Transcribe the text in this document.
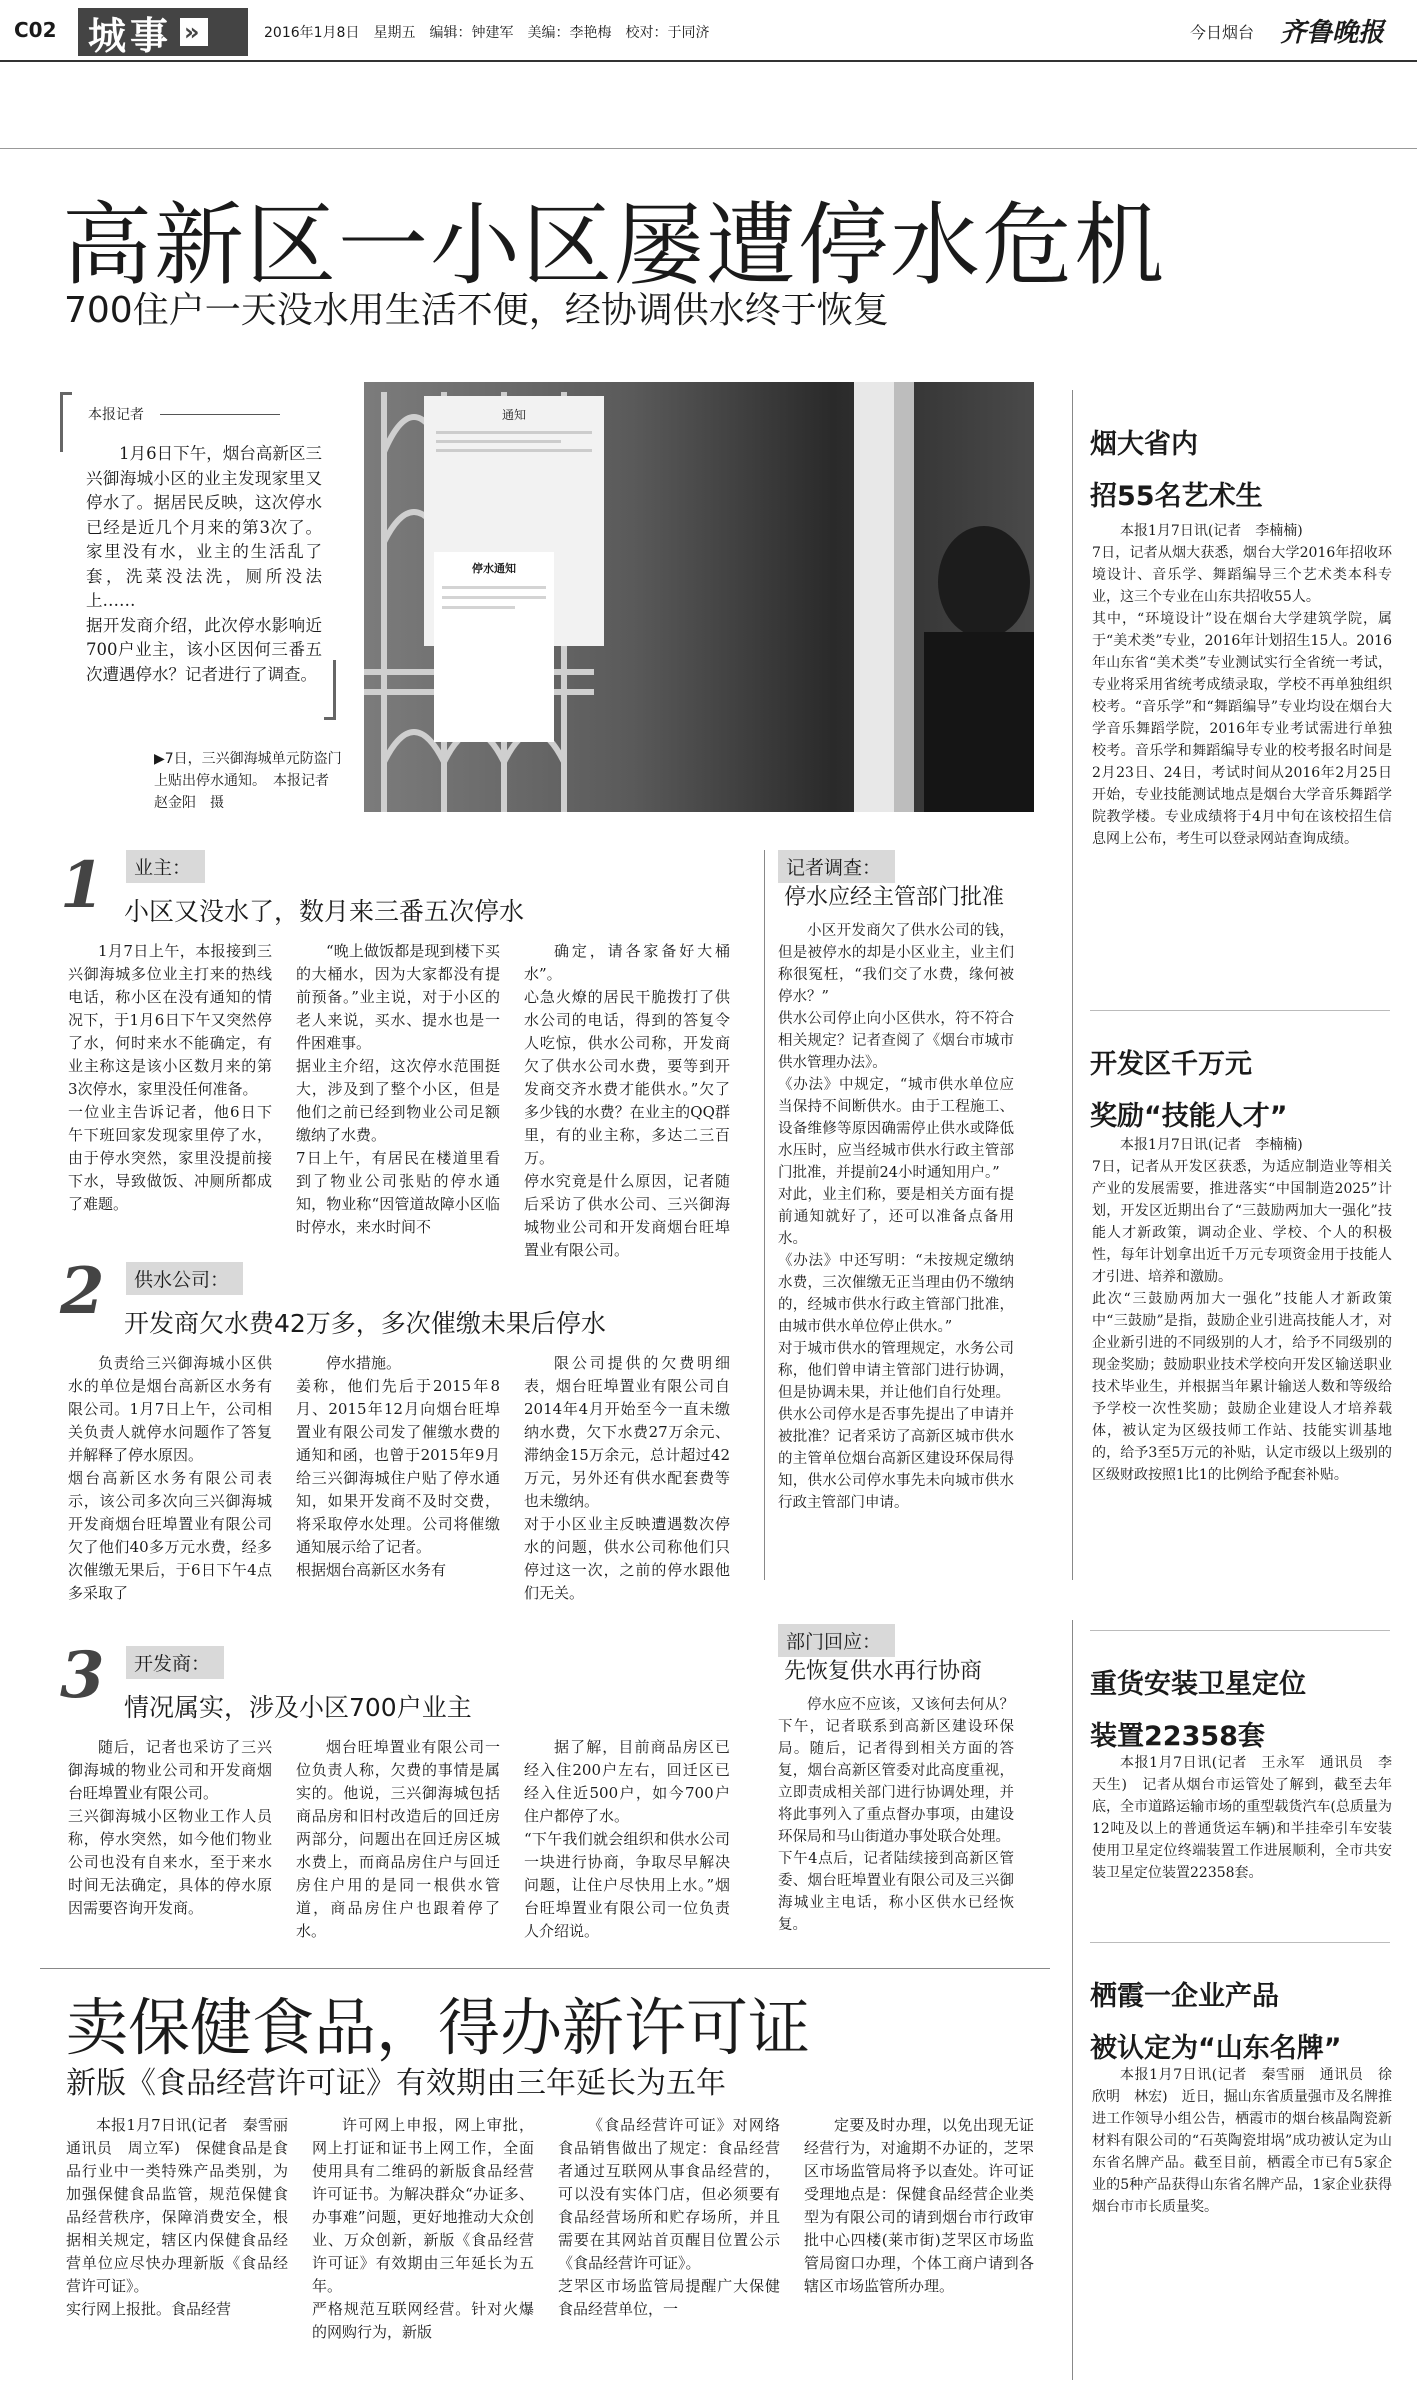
C02 城事 »	2016年1月8日　星期五　编辑：钟建军　美编：李艳梅　校对：于同济	今日烟台 齐鲁晚报
高新区一小区屡遭停水危机
700住户一天没水用生活不便，经协调供水终于恢复
本报记者
1月6日下午，烟台高新区三兴御海城小区的业主发现家里又停水了。据居民反映，这次停水已经是近几个月来的第3次了。家里没有水，业主的生活乱了套，洗菜没法洗，厕所没法上……
据开发商介绍，此次停水影响近700户业主，该小区因何三番五次遭遇停水？记者进行了调查。
通知
停水通知
▶7日，三兴御海城单元防盗门上贴出停水通知。　本报记者　赵金阳　摄
1	业主：
小区又没水了，数月来三番五次停水
1月7日上午，本报接到三兴御海城多位业主打来的热线电话，称小区在没有通知的情况下，于1月6日下午又突然停了水，何时来水不能确定，有业主称这是该小区数月来的第3次停水，家里没任何准备。
一位业主告诉记者，他6日下午下班回家发现家里停了水，由于停水突然，家里没提前接下水，导致做饭、冲厕所都成了难题。
“晚上做饭都是现到楼下买的大桶水，因为大家都没有提前预备。”业主说，对于小区的老人来说，买水、提水也是一件困难事。
据业主介绍，这次停水范围挺大，涉及到了整个小区，但是他们之前已经到物业公司足额缴纳了水费。
7日上午，有居民在楼道里看到了物业公司张贴的停水通知，物业称“因管道故障小区临时停水，来水时间不
确定，请各家备好大桶水”。
心急火燎的居民干脆拨打了供水公司的电话，得到的答复令人吃惊，供水公司称，开发商欠了供水公司水费，要等到开发商交齐水费才能供水。”欠了多少钱的水费？在业主的QQ群里，有的业主称，多达二三百万。
停水究竟是什么原因，记者随后采访了供水公司、三兴御海城物业公司和开发商烟台旺埠置业有限公司。
2	供水公司：
开发商欠水费42万多，多次催缴未果后停水
负责给三兴御海城小区供水的单位是烟台高新区水务有限公司。1月7日上午，公司相关负责人就停水问题作了答复并解释了停水原因。
烟台高新区水务有限公司表示，该公司多次向三兴御海城开发商烟台旺埠置业有限公司欠了他们40多万元水费，经多次催缴无果后，于6日下午4点多采取了
停水措施。
姜称，他们先后于2015年8月、2015年12月向烟台旺埠置业有限公司发了催缴水费的通知和函，也曾于2015年9月给三兴御海城住户贴了停水通知，如果开发商不及时交费，将采取停水处理。公司将催缴通知展示给了记者。
根据烟台高新区水务有
限公司提供的欠费明细表，烟台旺埠置业有限公司自2014年4月开始至今一直未缴纳水费，欠下水费27万余元、滞纳金15万余元，总计超过42万元，另外还有供水配套费等也未缴纳。
对于小区业主反映遭遇数次停水的问题，供水公司称他们只停过这一次，之前的停水跟他们无关。
3	开发商：
情况属实，涉及小区700户业主
随后，记者也采访了三兴御海城的物业公司和开发商烟台旺埠置业有限公司。
三兴御海城小区物业工作人员称，停水突然，如今他们物业公司也没有自来水，至于来水时间无法确定，具体的停水原因需要咨询开发商。
烟台旺埠置业有限公司一位负责人称，欠费的事情是属实的。他说，三兴御海城包括商品房和旧村改造后的回迁房两部分，问题出在回迁房区城水费上，而商品房住户与回迁房住户用的是同一根供水管道，商品房住户也跟着停了水。
据了解，目前商品房区已经入住200户左右，回迁区已经入住近500户，如今700户住户都停了水。
“下午我们就会组织和供水公司一块进行协商，争取尽早解决问题，让住户尽快用上水。”烟台旺埠置业有限公司一位负责人介绍说。
记者调查：
停水应经主管部门批准
小区开发商欠了供水公司的钱，但是被停水的却是小区业主，业主们称很冤枉，“我们交了水费，缘何被停水？”
供水公司停止向小区供水，符不符合相关规定？记者查阅了《烟台市城市供水管理办法》。
《办法》中规定，“城市供水单位应当保持不间断供水。由于工程施工、设备维修等原因确需停止供水或降低水压时，应当经城市供水行政主管部门批准，并提前24小时通知用户。”
对此，业主们称，要是相关方面有提前通知就好了，还可以准备点备用水。
《办法》中还写明：“未按规定缴纳水费，三次催缴无正当理由仍不缴纳的，经城市供水行政主管部门批准，由城市供水单位停止供水。”
对于城市供水的管理规定，水务公司称，他们曾申请主管部门进行协调，但是协调未果，并让他们自行处理。
供水公司停水是否事先提出了申请并被批准？记者采访了高新区城市供水的主管单位烟台高新区建设环保局得知，供水公司停水事先未向城市供水行政主管部门申请。
部门回应：
先恢复供水再行协商
停水应不应该，又该何去何从？下午，记者联系到高新区建设环保局。随后，记者得到相关方面的答复，烟台高新区管委对此高度重视，立即责成相关部门进行协调处理，并将此事列入了重点督办事项，由建设环保局和马山街道办事处联合处理。
下午4点后，记者陆续接到高新区管委、烟台旺埠置业有限公司及三兴御海城业主电话，称小区供水已经恢复。
卖保健食品，得办新许可证
新版《食品经营许可证》有效期由三年延长为五年
本报1月7日讯(记者　秦雪丽　通讯员　周立军)　保健食品是食品行业中一类特殊产品类别，为加强保健食品监管，规范保健食品经营秩序，保障消费安全，根据相关规定，辖区内保健食品经营单位应尽快办理新版《食品经营许可证》。
实行网上报批。食品经营
许可网上申报，网上审批，网上打证和证书上网工作，全面使用具有二维码的新版食品经营许可证书。为解决群众“办证多、办事难”问题，更好地推动大众创业、万众创新，新版《食品经营许可证》有效期由三年延长为五年。
严格规范互联网经营。针对火爆的网购行为，新版
《食品经营许可证》对网络食品销售做出了规定：食品经营者通过互联网从事食品经营的，可以没有实体门店，但必须要有食品经营场所和贮存场所，并且需要在其网站首页醒目位置公示《食品经营许可证》。
芝罘区市场监管局提醒广大保健食品经营单位，一
定要及时办理，以免出现无证经营行为，对逾期不办证的，芝罘区市场监管局将予以查处。许可证受理地点是：保健食品经营企业类型为有限公司的请到烟台市行政审批中心四楼(莱市街)芝罘区市场监管局窗口办理，个体工商户请到各辖区市场监管所办理。

烟大省内
招55名艺术生

本报1月7日讯(记者　李楠楠)
7日，记者从烟大获悉，烟台大学2016年招收环境设计、音乐学、舞蹈编导三个艺术类本科专业，这三个专业在山东共招收55人。
其中，“环境设计”设在烟台大学建筑学院，属于“美术类”专业，2016年计划招生15人。2016年山东省“美术类”专业测试实行全省统一考试，专业将采用省统考成绩录取，学校不再单独组织校考。“音乐学”和“舞蹈编导”专业均设在烟台大学音乐舞蹈学院，2016年专业考试需进行单独校考。音乐学和舞蹈编导专业的校考报名时间是2月23日、24日，考试时间从2016年2月25日开始，专业技能测试地点是烟台大学音乐舞蹈学院教学楼。专业成绩将于4月中旬在该校招生信息网上公布，考生可以登录网站查询成绩。

开发区千万元
奖励“技能人才”

本报1月7日讯(记者　李楠楠)
7日，记者从开发区获悉，为适应制造业等相关产业的发展需要，推进落实“中国制造2025”计划，开发区近期出台了“三鼓励两加大一强化”技能人才新政策，调动企业、学校、个人的积极性，每年计划拿出近千万元专项资金用于技能人才引进、培养和激励。
此次“三鼓励两加大一强化”技能人才新政策中“三鼓励”是指，鼓励企业引进高技能人才，对企业新引进的不同级别的人才，给予不同级别的现金奖励；鼓励职业技术学校向开发区输送职业技术毕业生，并根据当年累计输送人数和等级给予学校一次性奖励；鼓励企业建设人才培养载体，被认定为区级技师工作站、技能实训基地的，给予3至5万元的补贴，认定市级以上级别的区级财政按照1比1的比例给予配套补贴。

重货安装卫星定位
装置22358套

本报1月7日讯(记者　王永军　通讯员　李天生)　记者从烟台市运管处了解到，截至去年底，全市道路运输市场的重型载货汽车(总质量为12吨及以上的普通货运车辆)和半挂牵引车安装使用卫星定位终端装置工作进展顺利，全市共安装卫星定位装置22358套。

栖霞一企业产品
被认定为“山东名牌”

本报1月7日讯(记者　秦雪丽　通讯员　徐欣明　林宏)　近日，掘山东省质量强市及名牌推进工作领导小组公告，栖霞市的烟台核晶陶瓷新材料有限公司的“石英陶瓷坩埚”成功被认定为山东省名牌产品。截至目前，栖霞全市已有5家企业的5种产品获得山东省名牌产品，1家企业获得烟台市市长质量奖。
